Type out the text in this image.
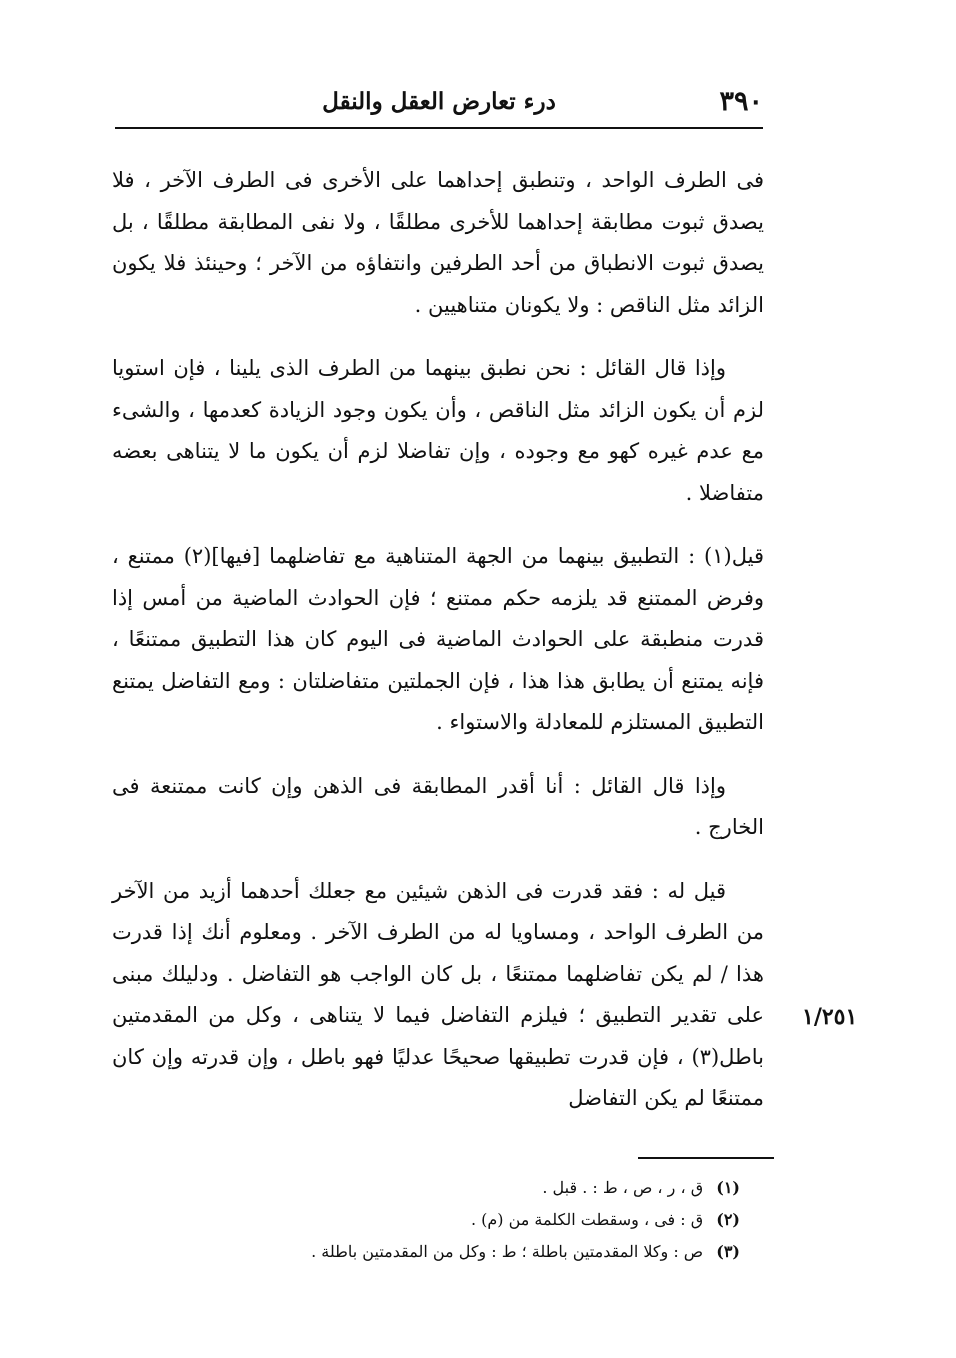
٣٩٠
درء تعارض العقل والنقل

فى الطرف الواحد ، وتنطبق إحداهما على الأخرى فى الطرف الآخر ، فلا يصدق ثبوت مطابقة إحداهما للأخرى مطلقًا ، ولا نفى المطابقة مطلقًا ، بل يصدق ثبوت الانطباق من أحد الطرفين وانتفاؤه من الآخر ؛ وحينئذ فلا يكون الزائد مثل الناقص : ولا يكونان متناهيين .

وإذا قال القائل : نحن نطبق بينهما من الطرف الذى يلينا ، فإن استويا لزم أن يكون الزائد مثل الناقص ، وأن يكون وجود الزيادة كعدمها ، والشىء مع عدم غيره كهو مع وجوده ، وإن تفاضلا لزم أن يكون ما لا يتناهى بعضه متفاضلا .

قيل(١) : التطبيق بينهما من الجهة المتناهية مع تفاضلهما [فيها](٢) ممتنع ، وفرض الممتنع قد يلزمه حكم ممتنع ؛ فإن الحوادث الماضية من أمس إذا قدرت منطبقة على الحوادث الماضية فى اليوم كان هذا التطبيق ممتنعًا ، فإنه يمتنع أن يطابق هذا هذا ، فإن الجملتين متفاضلتان : ومع التفاضل يمتنع التطبيق المستلزم للمعادلة والاستواء .

وإذا قال القائل : أنا أقدر المطابقة فى الذهن وإن كانت ممتنعة فى الخارج .

قيل له : فقد قدرت فى الذهن شيئين مع جعلك أحدهما أزيد من الآخر من الطرف الواحد ، ومساويا له من الطرف الآخر . ومعلوم أنك إذا قدرت هذا / لم يكن تفاضلهما ممتنعًا ، بل كان الواجب هو التفاضل . ودليلك مبنى على تقدير التطبيق ؛ فيلزم التفاضل فيما لا يتناهى ، وكل من المقدمتين باطل(٣) ، فإن قدرت تطبيقها صحيحًا عدليًا فهو باطل ، وإن قدرته وإن كان ممتنعًا لم يكن التفاضل

١/٢٥١
(١) ق ، ر ، ص ، ط : . قبل .
(٢) ق : فى ، وسقطت الكلمة من (م) .
(٣) ص : وكلا المقدمتين باطلة ؛ ط : وكل من المقدمتين باطلة .
